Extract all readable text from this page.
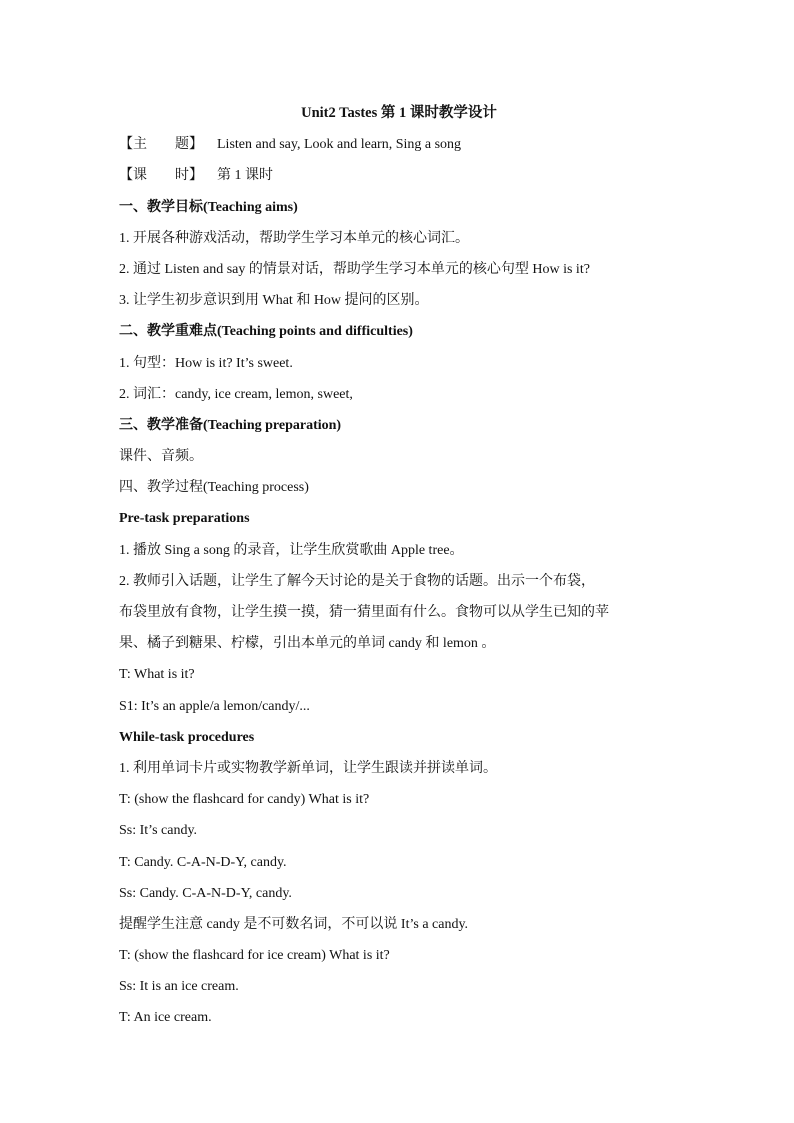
Unit2 Tastes 第 1 课时教学设计
【主 题】 Listen and say, Look and learn, Sing a song
【课 时】 第 1 课时
一、教学目标(Teaching aims)
1. 开展各种游戏活动，帮助学生学习本单元的核心词汇。
2. 通过 Listen and say 的情景对话，帮助学生学习本单元的核心句型 How is it?
3. 让学生初步意识到用 What 和 How 提问的区别。
二、教学重难点(Teaching points and difficulties)
1. 句型：How is it? It’s sweet.
2. 词汇：candy, ice cream, lemon, sweet,
三、教学准备(Teaching preparation)
课件、音频。
四、教学过程(Teaching process)
Pre-task preparations
1. 播放 Sing a song 的录音，让学生欣赏歌曲 Apple tree。
2. 教师引入话题，让学生了解今天讨论的是关于食物的话题。出示一个布袋，
布袋里放有食物，让学生摸一摸，猜一猜里面有什么。食物可以从学生已知的苹
果、橘子到糖果、柠檬，引出本单元的单词 candy 和 lemon 。
T: What is it?
S1: It’s an apple/a lemon/candy/...
While-task procedures
1. 利用单词卡片或实物教学新单词，让学生跟读并拼读单词。
T: (show the flashcard for candy) What is it?
Ss: It’s candy.
T: Candy. C-A-N-D-Y, candy.
Ss: Candy. C-A-N-D-Y, candy.
提醒学生注意 candy 是不可数名词，不可以说 It’s a candy.
T: (show the flashcard for ice cream) What is it?
Ss: It is an ice cream.
T: An ice cream.
